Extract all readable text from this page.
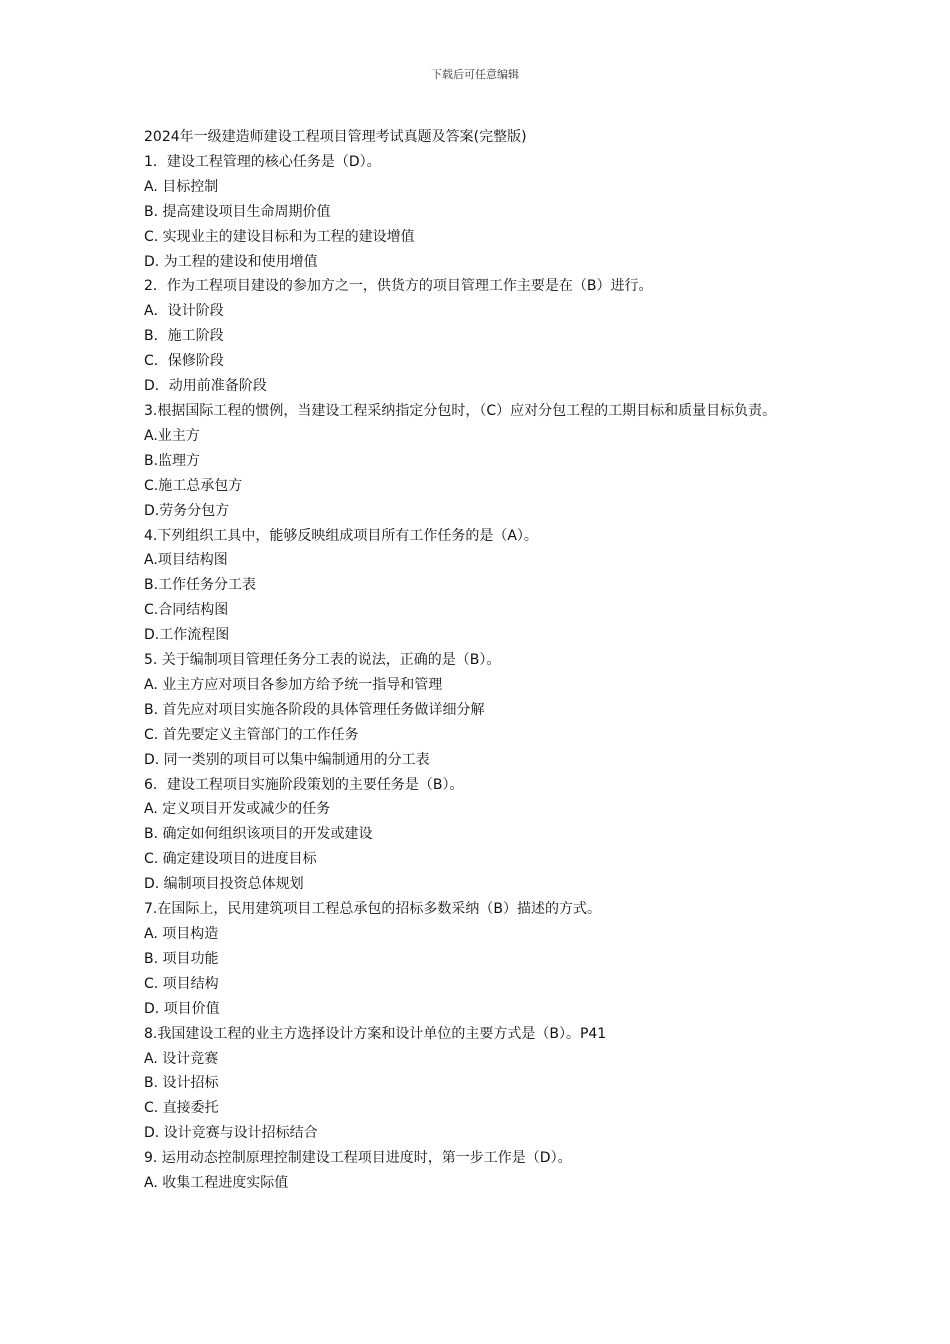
下载后可任意编辑

2024年一级建造师建设工程项目管理考试真题及答案(完整版)

1．建设工程管理的核心任务是（D）。

A. 目标控制

B. 提高建设项目生命周期价值

C. 实现业主的建设目标和为工程的建设增值

D. 为工程的建设和使用增值

2．作为工程项目建设的参加方之一，供货方的项目管理工作主要是在（B）进行。

A．设计阶段

B．施工阶段

C．保修阶段

D．动用前准备阶段

3.根据国际工程的惯例，当建设工程采纳指定分包时，（C）应对分包工程的工期目标和质量目标负责。

A.业主方

B.监理方

C.施工总承包方

D.劳务分包方

4.下列组织工具中，能够反映组成项目所有工作任务的是（A）。

A.项目结构图

B.工作任务分工表

C.合同结构图

D.工作流程图

5. 关于编制项目管理任务分工表的说法，正确的是（B）。

A. 业主方应对项目各参加方给予统一指导和管理

B. 首先应对项目实施各阶段的具体管理任务做详细分解

C. 首先要定义主管部门的工作任务

D. 同一类别的项目可以集中编制通用的分工表

6．建设工程项目实施阶段策划的主要任务是（B）。

A. 定义项目开发或减少的任务

B. 确定如何组织该项目的开发或建设

C. 确定建设项目的进度目标

D. 编制项目投资总体规划

7.在国际上，民用建筑项目工程总承包的招标多数采纳（B）描述的方式。

A. 项目构造

B. 项目功能

C. 项目结构

D. 项目价值

8.我国建设工程的业主方选择设计方案和设计单位的主要方式是（B）。P41

A. 设计竞赛

B. 设计招标

C. 直接委托

D. 设计竞赛与设计招标结合

9. 运用动态控制原理控制建设工程项目进度时，第一步工作是（D）。

A. 收集工程进度实际值
